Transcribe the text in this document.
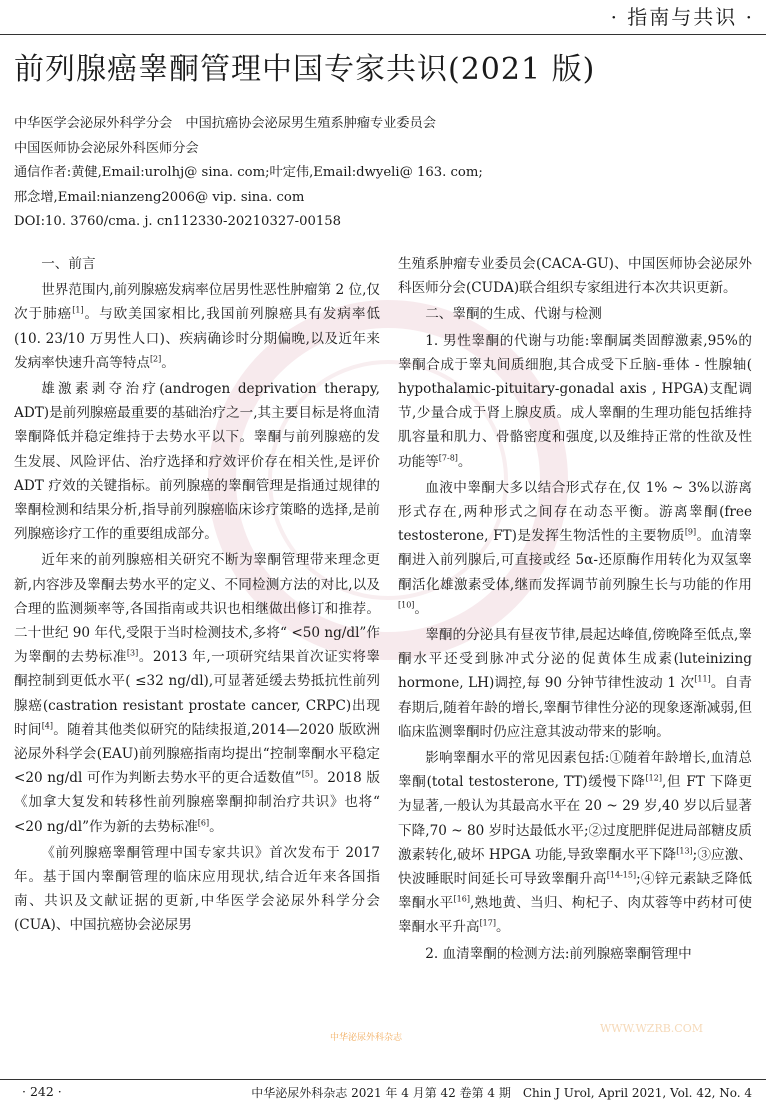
· 指南与共识 ·
前列腺癌睾酮管理中国专家共识(2021 版)
中华医学会泌尿外科学分会　中国抗癌协会泌尿男生殖系肿瘤专业委员会
中国医师协会泌尿外科医师分会
通信作者:黄健,Email:urolhj@ sina. com;叶定伟,Email:dwyeli@ 163. com;
邢念增,Email:nianzeng2006@ vip. sina. com
DOI:10. 3760/cma. j. cn112330-20210327-00158

一、前言

世界范围内,前列腺癌发病率位居男性恶性肿瘤第 2 位,仅次于肺癌[1]。与欧美国家相比,我国前列腺癌具有发病率低(10. 23/10 万男性人口)、疾病确诊时分期偏晚,以及近年来发病率快速升高等特点[2]。

雄激素剥夺治疗(androgen deprivation therapy, ADT)是前列腺癌最重要的基础治疗之一,其主要目标是将血清睾酮降低并稳定维持于去势水平以下。睾酮与前列腺癌的发生发展、风险评估、治疗选择和疗效评价存在相关性,是评价 ADT 疗效的关键指标。前列腺癌的睾酮管理是指通过规律的睾酮检测和结果分析,指导前列腺癌临床诊疗策略的选择,是前列腺癌诊疗工作的重要组成部分。

近年来的前列腺癌相关研究不断为睾酮管理带来理念更新,内容涉及睾酮去势水平的定义、不同检测方法的对比,以及合理的监测频率等,各国指南或共识也相继做出修订和推荐。二十世纪 90 年代,受限于当时检测技术,多将“ <50 ng/dl”作为睾酮的去势标准[3]。2013 年,一项研究结果首次证实将睾酮控制到更低水平( ≤32 ng/dl),可显著延缓去势抵抗性前列腺癌(castration resistant prostate cancer, CRPC)出现时间[4]。随着其他类似研究的陆续报道,2014—2020 版欧洲泌尿外科学会(EAU)前列腺癌指南均提出“控制睾酮水平稳定 <20 ng/dl 可作为判断去势水平的更合适数值”[5]。2018 版《加拿大复发和转移性前列腺癌睾酮抑制治疗共识》也将“ <20 ng/dl”作为新的去势标准[6]。

《前列腺癌睾酮管理中国专家共识》首次发布于 2017 年。基于国内睾酮管理的临床应用现状,结合近年来各国指南、共识及文献证据的更新,中华医学会泌尿外科学分会(CUA)、中国抗癌协会泌尿男

生殖系肿瘤专业委员会(CACA-GU)、中国医师协会泌尿外科医师分会(CUDA)联合组织专家组进行本次共识更新。

二、睾酮的生成、代谢与检测

1. 男性睾酮的代谢与功能:睾酮属类固醇激素,95%的睾酮合成于睾丸间质细胞,其合成受下丘脑-垂体 - 性腺轴( hypothalamic-pituitary-gonadal axis , HPGA)支配调节,少量合成于肾上腺皮质。成人睾酮的生理功能包括维持肌容量和肌力、骨骼密度和强度,以及维持正常的性欲及性功能等[7-8]。

血液中睾酮大多以结合形式存在,仅 1% ~ 3%以游离形式存在,两种形式之间存在动态平衡。游离睾酮(free testosterone, FT)是发挥生物活性的主要物质[9]。血清睾酮进入前列腺后,可直接或经 5α-还原酶作用转化为双氢睾酮活化雄激素受体,继而发挥调节前列腺生长与功能的作用[10]。

睾酮的分泌具有昼夜节律,晨起达峰值,傍晚降至低点,睾酮水平还受到脉冲式分泌的促黄体生成素(luteinizing hormone, LH)调控,每 90 分钟节律性波动 1 次[11]。自青春期后,随着年龄的增长,睾酮节律性分泌的现象逐渐减弱,但临床监测睾酮时仍应注意其波动带来的影响。

影响睾酮水平的常见因素包括:①随着年龄增长,血清总睾酮(total testosterone, TT)缓慢下降[12],但 FT 下降更为显著,一般认为其最高水平在 20 ~ 29 岁,40 岁以后显著下降,70 ~ 80 岁时达最低水平;②过度肥胖促进局部糖皮质激素转化,破坏 HPGA 功能,导致睾酮水平下降[13];③应激、快波睡眠时间延长可导致睾酮升高[14-15];④锌元素缺乏降低睾酮水平[16],熟地黄、当归、枸杞子、肉苁蓉等中药材可使睾酮水平升高[17]。

2. 血清睾酮的检测方法:前列腺癌睾酮管理中

中华泌尿外科杂志
WWW.WZRB.COM
· 242 ·	中华泌尿外科杂志 2021 年 4 月第 42 卷第 4 期　Chin J Urol, April 2021, Vol. 42, No. 4
